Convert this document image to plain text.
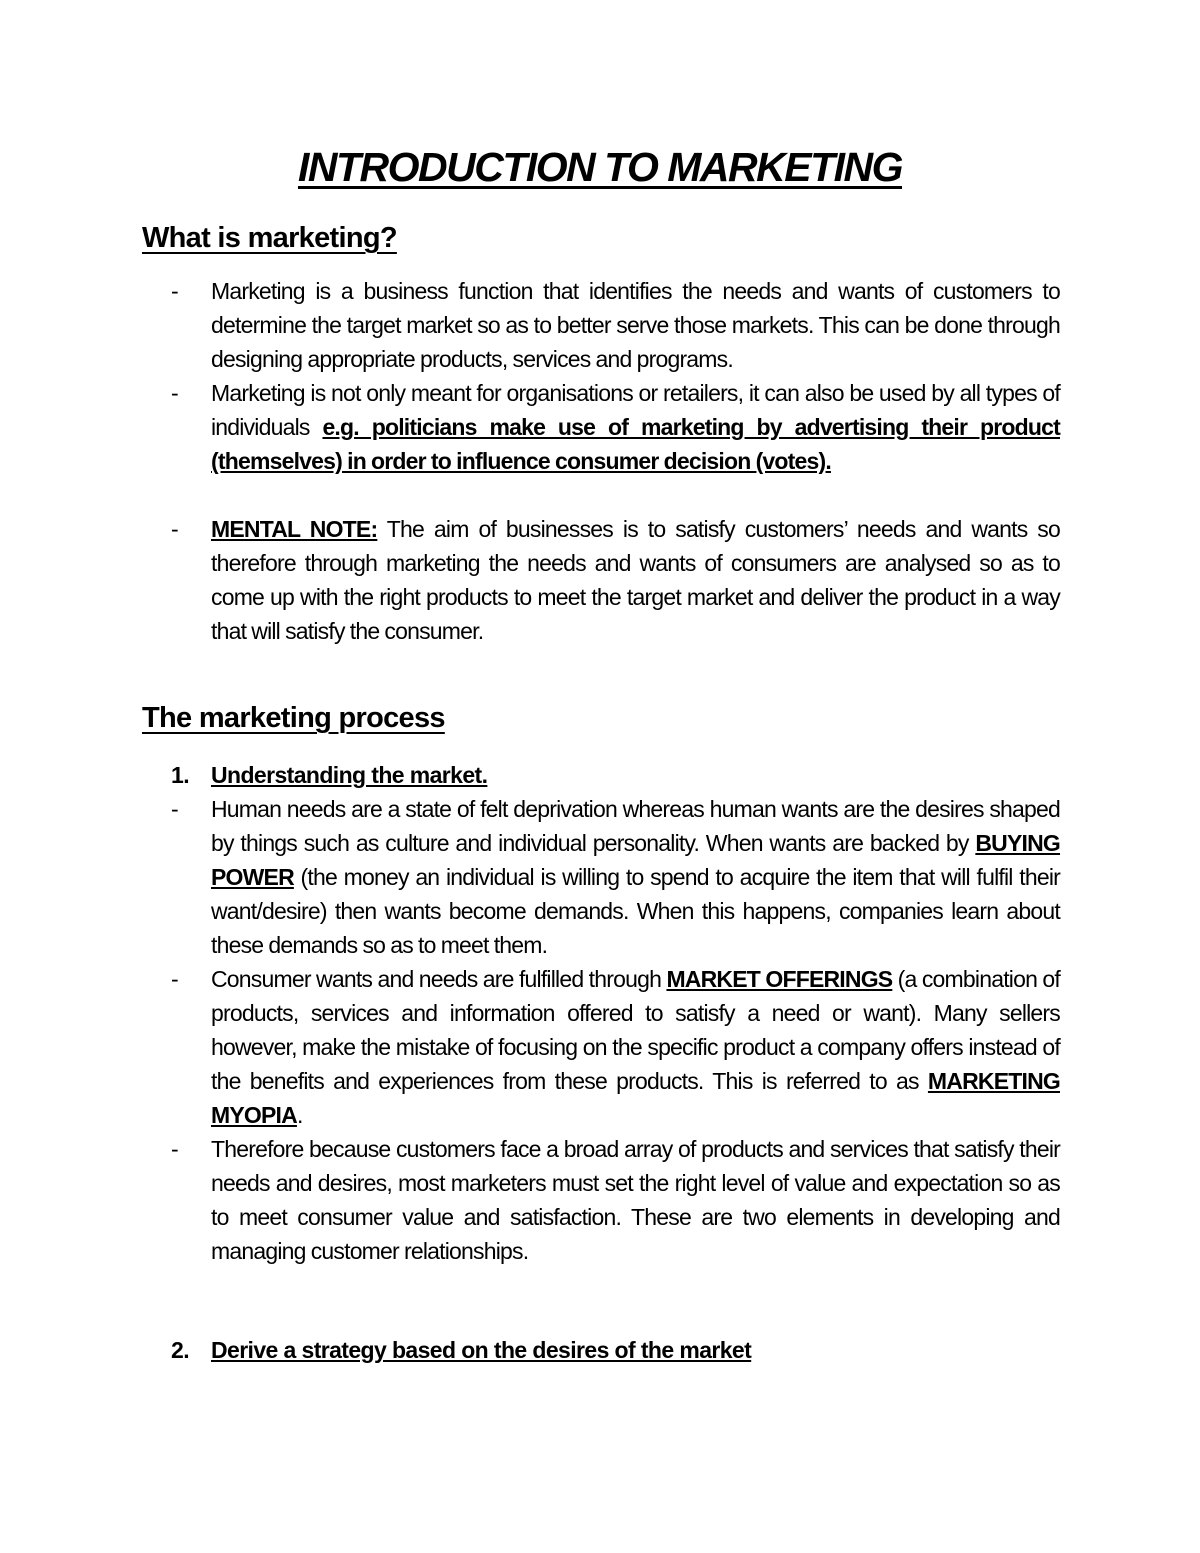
INTRODUCTION TO MARKETING
What is marketing?
-	Marketing is a business function that identifies the needs and wants of customers to determine the target market so as to better serve those markets. This can be done through designing appropriate products, services and programs.

-	Marketing is not only meant for organisations or retailers, it can also be used by all types of individuals e.g. politicians make use of marketing by advertising their product (themselves) in order to influence consumer decision (votes).

-	MENTAL NOTE: The aim of businesses is to satisfy customers’ needs and wants so therefore through marketing the needs and wants of consumers are analysed so as to come up with the right products to meet the target market and deliver the product in a way that will satisfy the consumer.

The marketing process
1. Understanding the market.
-	Human needs are a state of felt deprivation whereas human wants are the desires shaped by things such as culture and individual personality. When wants are backed by BUYING POWER (the money an individual is willing to spend to acquire the item that will fulfil their want/desire) then wants become demands. When this happens, companies learn about these demands so as to meet them.

-	Consumer wants and needs are fulfilled through MARKET OFFERINGS (a combination of products, services and information offered to satisfy a need or want). Many sellers however, make the mistake of focusing on the specific product a company offers instead of the benefits and experiences from these products. This is referred to as MARKETING MYOPIA.

-	Therefore because customers face a broad array of products and services that satisfy their needs and desires, most marketers must set the right level of value and expectation so as to meet consumer value and satisfaction. These are two elements in developing and managing customer relationships.

2. Derive a strategy based on the desires of the market
